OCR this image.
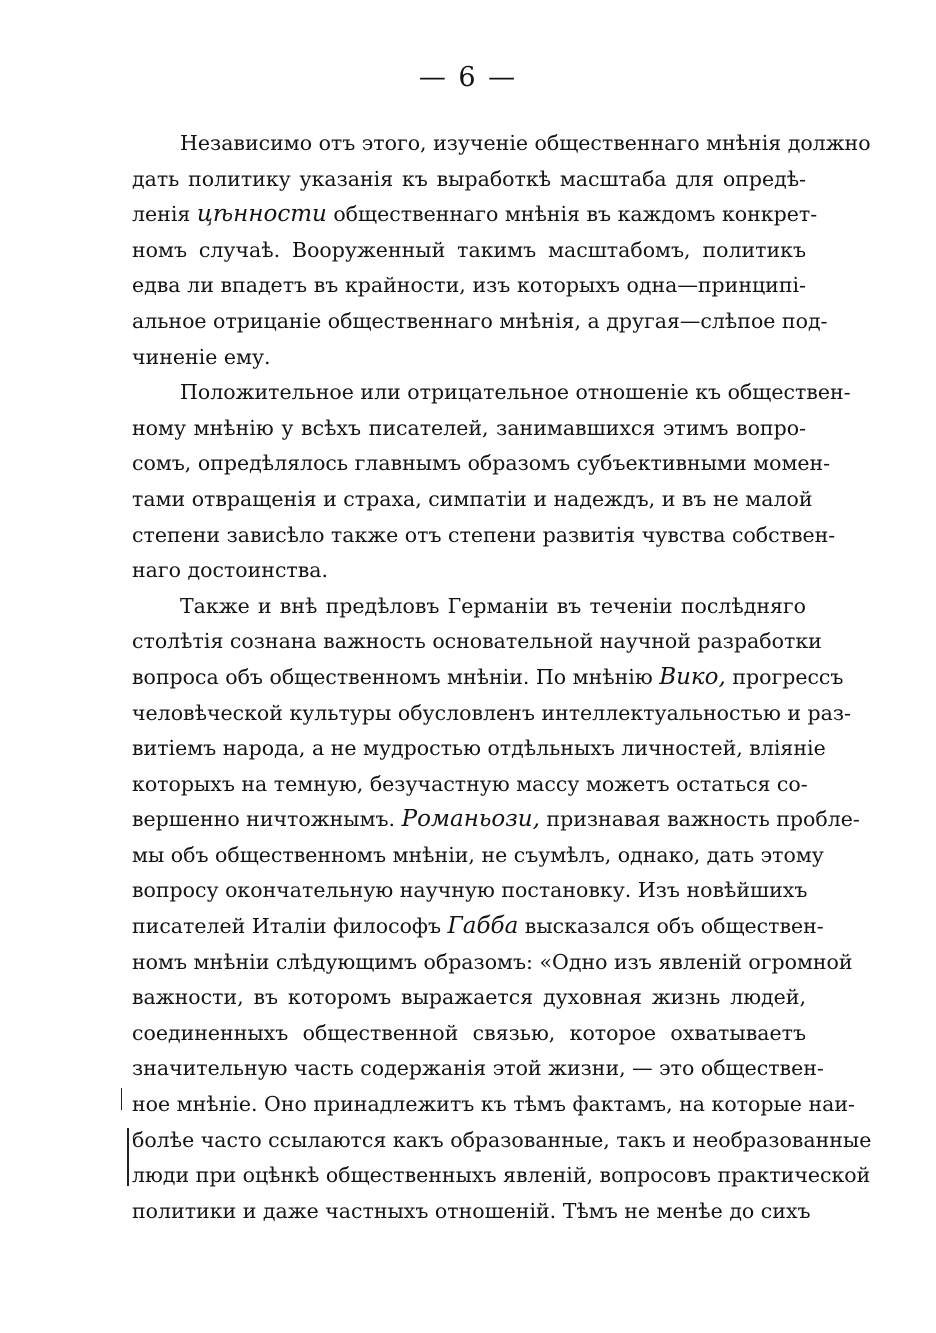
— 6 —
Независимо отъ этого, изученіе общественнаго мнѣнія должно
дать политику указанія къ выработкѣ масштаба для опредѣ-
ленія цѣнности общественнаго мнѣнія въ каждомъ конкрет-
номъ случаѣ. Вооруженный такимъ масштабомъ, политикъ
едва ли впадетъ въ крайности, изъ которыхъ одна—принципі-
альное отрицаніе общественнаго мнѣнія, а другая—слѣпое под-
чиненіе ему.
Положительное или отрицательное отношеніе къ обществен-
ному мнѣнію у всѣхъ писателей, занимавшихся этимъ вопро-
сомъ, опредѣлялось главнымъ образомъ субъективными момен-
тами отвращенія и страха, симпатіи и надеждъ, и въ не малой
степени зависѣло также отъ степени развитія чувства собствен-
наго достоинства.
Также и внѣ предѣловъ Германіи въ теченіи послѣдняго
столѣтія сознана важность основательной научной разработки
вопроса объ общественномъ мнѣніи. По мнѣнію Вико, прогрессъ
человѣческой культуры обусловленъ интеллектуальностью и раз-
витіемъ народа, а не мудростью отдѣльныхъ личностей, вліяніе
которыхъ на темную, безучастную массу можетъ остаться со-
вершенно ничтожнымъ. Романьози, признавая важность пробле-
мы объ общественномъ мнѣніи, не съумѣлъ, однако, дать этому
вопросу окончательную научную постановку. Изъ новѣйшихъ
писателей Италіи философъ Габба высказался объ обществен-
номъ мнѣніи слѣдующимъ образомъ: «Одно изъ явленій огромной
важности, въ которомъ выражается духовная жизнь людей,
соединенныхъ общественной связью, которое охватываетъ
значительную часть содержанія этой жизни, — это обществен-
ное мнѣніе. Оно принадлежитъ къ тѣмъ фактамъ, на которые наи-
болѣе часто ссылаются какъ образованные, такъ и необразованные
люди при оцѣнкѣ общественныхъ явленій, вопросовъ практической
политики и даже частныхъ отношеній. Тѣмъ не менѣе до сихъ
